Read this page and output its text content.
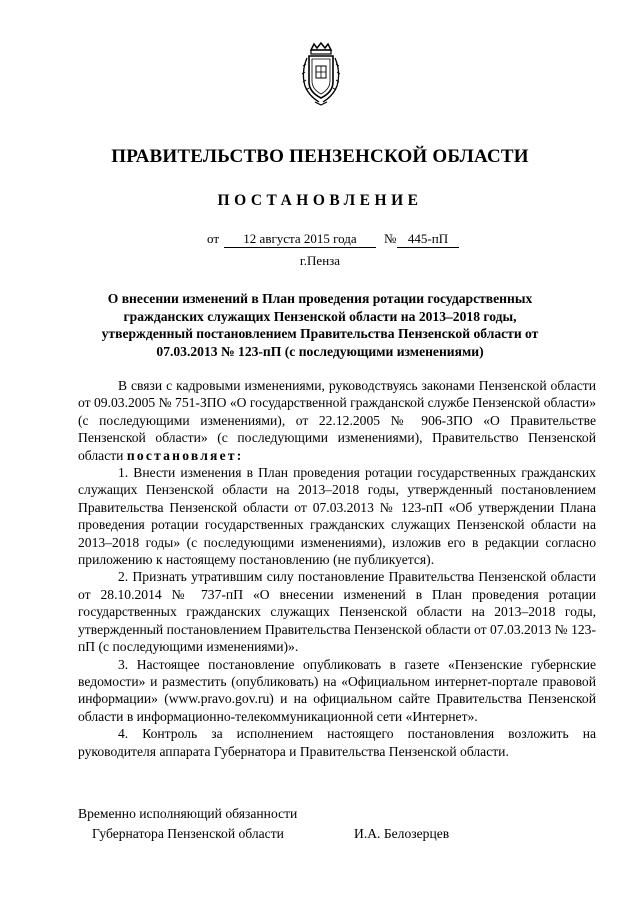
ПРАВИТЕЛЬСТВО ПЕНЗЕНСКОЙ ОБЛАСТИ
ПОСТАНОВЛЕНИЕ
от	12 августа 2015 года	№ 445-пП
г.Пенза
О внесении изменений в План проведения ротации государственных гражданских служащих Пензенской области на 2013–2018 годы, утвержденный постановлением Правительства Пензенской области от 07.03.2013 № 123-пП (с последующими изменениями)

В связи с кадровыми изменениями, руководствуясь законами Пензенской области от 09.03.2005 № 751-ЗПО «О государственной гражданской службе Пензенской области» (с последующими изменениями), от 22.12.2005 № 906-ЗПО «О Правительстве Пензенской области» (с последующими изменениями), Правительство Пензенской области постановляет:

1. Внести изменения в План проведения ротации государственных гражданских служащих Пензенской области на 2013–2018 годы, утвержденный постановлением Правительства Пензенской области от 07.03.2013 № 123-пП «Об утверждении Плана проведения ротации государственных гражданских служащих Пензенской области на 2013–2018 годы» (с последующими изменениями), изложив его в редакции согласно приложению к настоящему постановлению (не публикуется).

2. Признать утратившим силу постановление Правительства Пензенской области от 28.10.2014 № 737-пП «О внесении изменений в План проведения ротации государственных гражданских служащих Пензенской области на 2013–2018 годы, утвержденный постановлением Правительства Пензенской области от 07.03.2013 № 123-пП (с последующими изменениями)».

3. Настоящее постановление опубликовать в газете «Пензенские губернские ведомости» и разместить (опубликовать) на «Официальном интернет-портале правовой информации» (www.pravo.gov.ru) и на официальном сайте Правительства Пензенской области в информационно-телекоммуникационной сети «Интернет».

4. Контроль за исполнением настоящего постановления возложить на руководителя аппарата Губернатора и Правительства Пензенской области.

Временно исполняющий обязанности
Губернатора Пензенской области	И.А. Белозерцев
